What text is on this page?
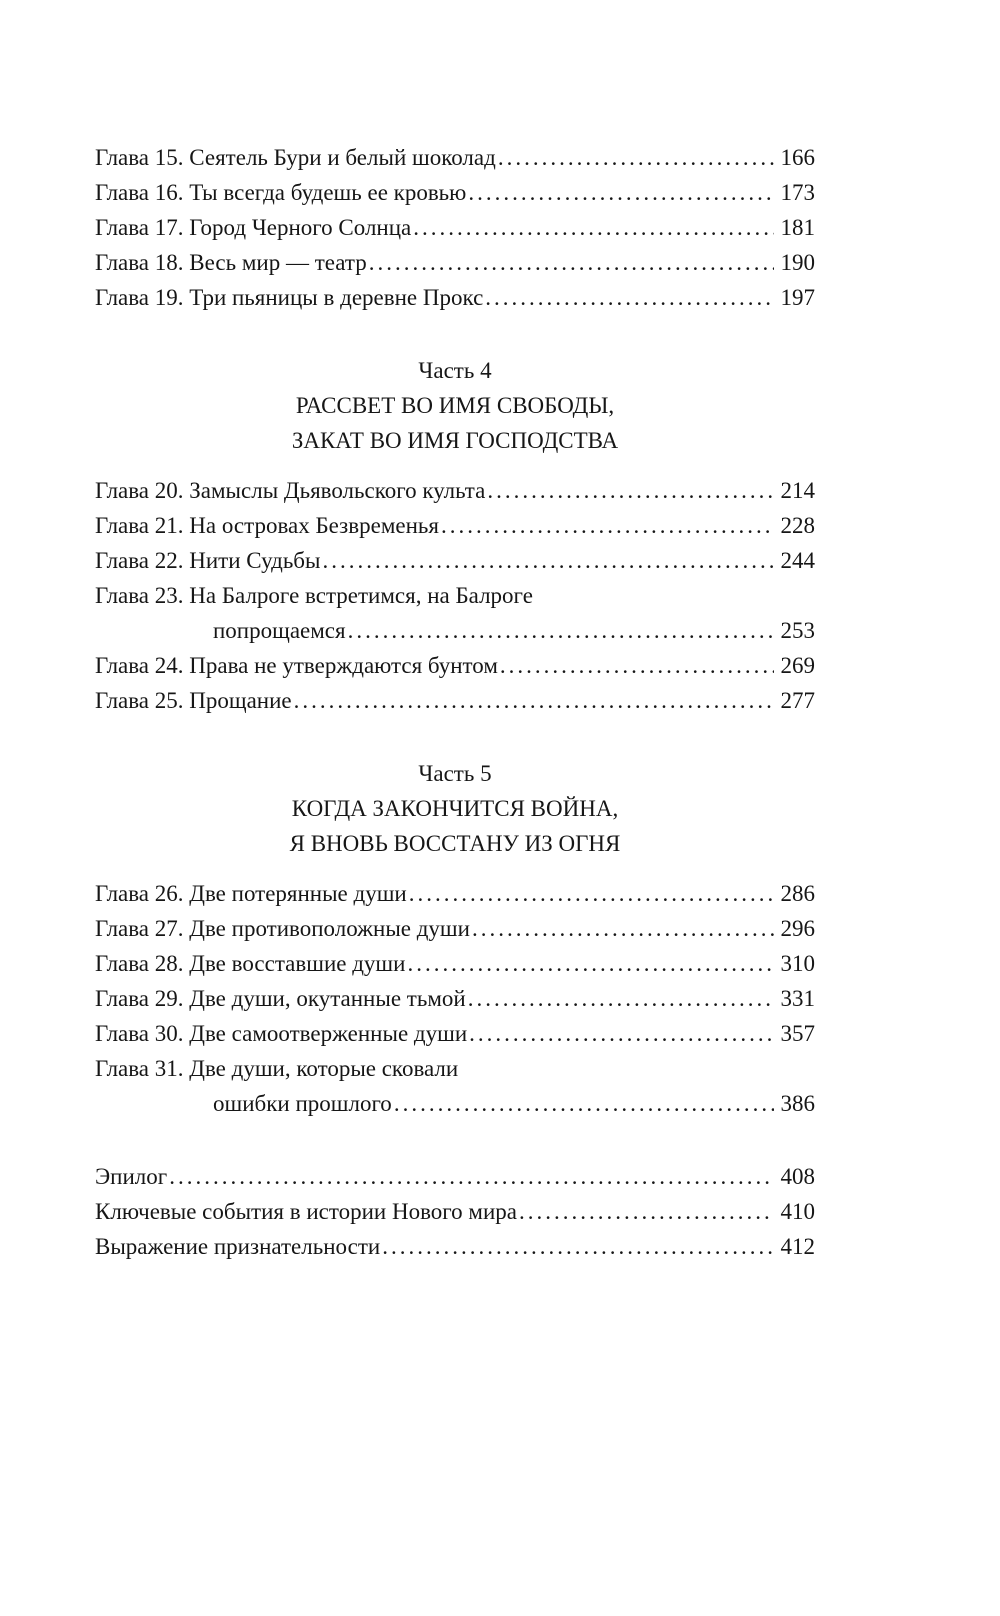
Глава 15. Сеятель Бури и белый шоколад .....	166
Глава 16. Ты всегда будешь ее кровью .....	173
Глава 17. Город Черного Солнца .....	181
Глава 18. Весь мир — театр .....	190
Глава 19. Три пьяницы в деревне Прокс .....	197
Часть 4
РАССВЕТ ВО ИМЯ СВОБОДЫ,
ЗАКАТ ВО ИМЯ ГОСПОДСТВА
Глава 20. Замыслы Дьявольского культа .....	214
Глава 21. На островах Безвременья .....	228
Глава 22. Нити Судьбы .....	244
Глава 23. На Балроге встретимся, на Балроге
попрощаемся .....	253
Глава 24. Права не утверждаются бунтом .....	269
Глава 25. Прощание .....	277
Часть 5
КОГДА ЗАКОНЧИТСЯ ВОЙНА,
Я ВНОВЬ ВОССТАНУ ИЗ ОГНЯ
Глава 26. Две потерянные души .....	286
Глава 27. Две противоположные души .....	296
Глава 28. Две восставшие души .....	310
Глава 29. Две души, окутанные тьмой .....	331
Глава 30. Две самоотверженные души .....	357
Глава 31. Две души, которые сковали
ошибки прошлого .....	386
Эпилог .....	408
Ключевые события в истории Нового мира .....	410
Выражение признательности .....	412
